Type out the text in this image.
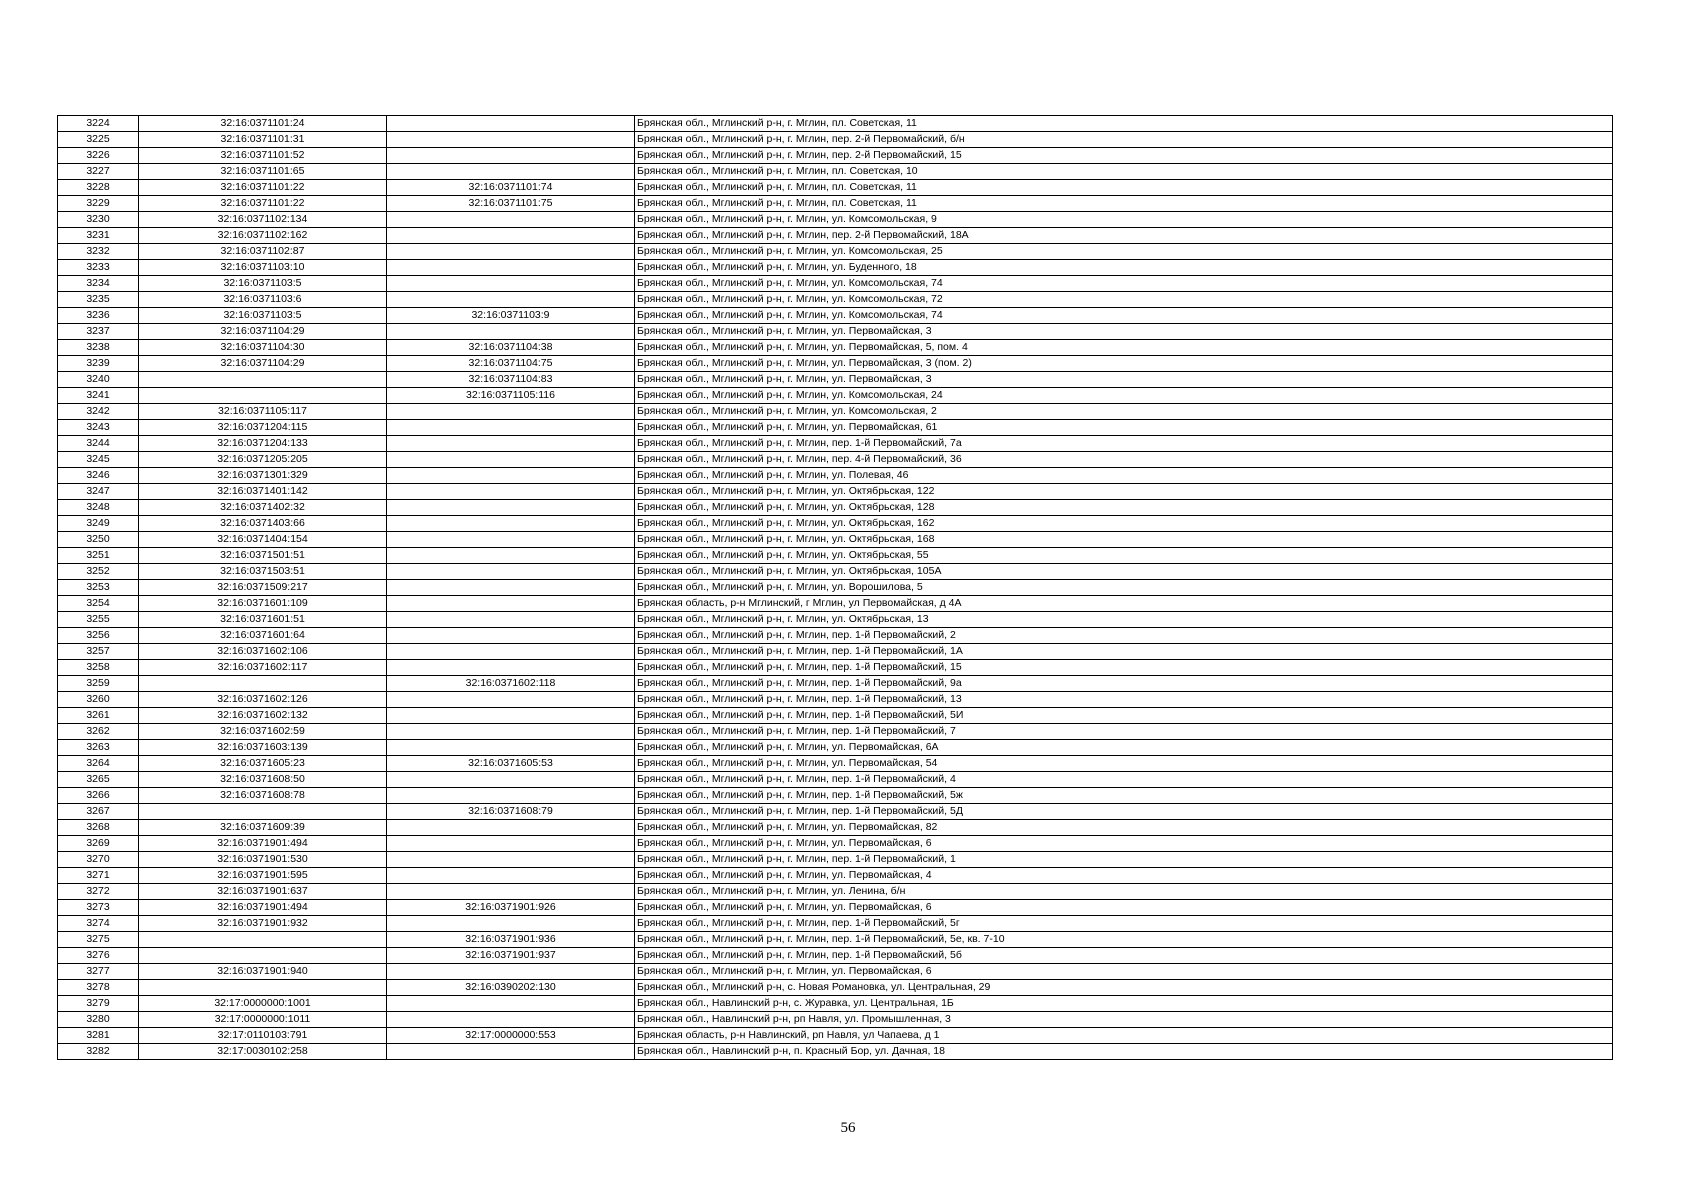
3224	32:16:0371101:24		Брянская обл., Мглинский р-н, г. Мглин, пл. Советская, 11
3225	32:16:0371101:31		Брянская обл., Мглинский р-н, г. Мглин, пер. 2-й Первомайский, б/н
3226	32:16:0371101:52		Брянская обл., Мглинский р-н, г. Мглин, пер. 2-й Первомайский, 15
3227	32:16:0371101:65		Брянская обл., Мглинский р-н, г. Мглин, пл. Советская, 10
3228	32:16:0371101:22	32:16:0371101:74	Брянская обл., Мглинский р-н, г. Мглин, пл. Советская, 11
3229	32:16:0371101:22	32:16:0371101:75	Брянская обл., Мглинский р-н, г. Мглин, пл. Советская, 11
3230	32:16:0371102:134		Брянская обл., Мглинский р-н, г. Мглин, ул. Комсомольская, 9
3231	32:16:0371102:162		Брянская обл., Мглинский р-н, г. Мглин, пер. 2-й Первомайский, 18А
3232	32:16:0371102:87		Брянская обл., Мглинский р-н, г. Мглин, ул. Комсомольская, 25
3233	32:16:0371103:10		Брянская обл., Мглинский р-н, г. Мглин, ул. Буденного, 18
3234	32:16:0371103:5		Брянская обл., Мглинский р-н, г. Мглин, ул. Комсомольская, 74
3235	32:16:0371103:6		Брянская обл., Мглинский р-н, г. Мглин, ул. Комсомольская, 72
3236	32:16:0371103:5	32:16:0371103:9	Брянская обл., Мглинский р-н, г. Мглин, ул. Комсомольская, 74
3237	32:16:0371104:29		Брянская обл., Мглинский р-н, г. Мглин, ул. Первомайская, 3
3238	32:16:0371104:30	32:16:0371104:38	Брянская обл., Мглинский р-н, г. Мглин, ул. Первомайская, 5, пом. 4
3239	32:16:0371104:29	32:16:0371104:75	Брянская обл., Мглинский р-н, г. Мглин, ул. Первомайская, 3 (пом. 2)
3240		32:16:0371104:83	Брянская обл., Мглинский р-н, г. Мглин, ул. Первомайская, 3
3241		32:16:0371105:116	Брянская обл., Мглинский р-н, г. Мглин, ул. Комсомольская, 24
3242	32:16:0371105:117		Брянская обл., Мглинский р-н, г. Мглин, ул. Комсомольская, 2
3243	32:16:0371204:115		Брянская обл., Мглинский р-н, г. Мглин, ул. Первомайская, 61
3244	32:16:0371204:133		Брянская обл., Мглинский р-н, г. Мглин, пер. 1-й Первомайский, 7а
3245	32:16:0371205:205		Брянская обл., Мглинский р-н, г. Мглин, пер. 4-й Первомайский, 36
3246	32:16:0371301:329		Брянская обл., Мглинский р-н, г. Мглин, ул. Полевая, 46
3247	32:16:0371401:142		Брянская обл., Мглинский р-н, г. Мглин, ул. Октябрьская, 122
3248	32:16:0371402:32		Брянская обл., Мглинский р-н, г. Мглин, ул. Октябрьская, 128
3249	32:16:0371403:66		Брянская обл., Мглинский р-н, г. Мглин, ул. Октябрьская, 162
3250	32:16:0371404:154		Брянская обл., Мглинский р-н, г. Мглин, ул. Октябрьская, 168
3251	32:16:0371501:51		Брянская обл., Мглинский р-н, г. Мглин, ул. Октябрьская, 55
3252	32:16:0371503:51		Брянская обл., Мглинский р-н, г. Мглин, ул. Октябрьская, 105А
3253	32:16:0371509:217		Брянская обл., Мглинский р-н, г. Мглин, ул. Ворошилова, 5
3254	32:16:0371601:109		Брянская область, р-н Мглинский, г Мглин, ул Первомайская, д 4А
3255	32:16:0371601:51		Брянская обл., Мглинский р-н, г. Мглин, ул. Октябрьская, 13
3256	32:16:0371601:64		Брянская обл., Мглинский р-н, г. Мглин, пер. 1-й Первомайский, 2
3257	32:16:0371602:106		Брянская обл., Мглинский р-н, г. Мглин, пер. 1-й Первомайский, 1А
3258	32:16:0371602:117		Брянская обл., Мглинский р-н, г. Мглин, пер. 1-й Первомайский, 15
3259		32:16:0371602:118	Брянская обл., Мглинский р-н, г. Мглин, пер. 1-й Первомайский, 9а
3260	32:16:0371602:126		Брянская обл., Мглинский р-н, г. Мглин, пер. 1-й Первомайский, 13
3261	32:16:0371602:132		Брянская обл., Мглинский р-н, г. Мглин, пер. 1-й Первомайский, 5И
3262	32:16:0371602:59		Брянская обл., Мглинский р-н, г. Мглин, пер. 1-й Первомайский, 7
3263	32:16:0371603:139		Брянская обл., Мглинский р-н, г. Мглин, ул. Первомайская, 6А
3264	32:16:0371605:23	32:16:0371605:53	Брянская обл., Мглинский р-н, г. Мглин, ул. Первомайская, 54
3265	32:16:0371608:50		Брянская обл., Мглинский р-н, г. Мглин, пер. 1-й Первомайский, 4
3266	32:16:0371608:78		Брянская обл., Мглинский р-н, г. Мглин, пер. 1-й Первомайский, 5ж
3267		32:16:0371608:79	Брянская обл., Мглинский р-н, г. Мглин, пер. 1-й Первомайский, 5Д
3268	32:16:0371609:39		Брянская обл., Мглинский р-н, г. Мглин, ул. Первомайская, 82
3269	32:16:0371901:494		Брянская обл., Мглинский р-н, г. Мглин, ул. Первомайская, 6
3270	32:16:0371901:530		Брянская обл., Мглинский р-н, г. Мглин, пер. 1-й Первомайский, 1
3271	32:16:0371901:595		Брянская обл., Мглинский р-н, г. Мглин, ул. Первомайская, 4
3272	32:16:0371901:637		Брянская обл., Мглинский р-н, г. Мглин, ул. Ленина, б/н
3273	32:16:0371901:494	32:16:0371901:926	Брянская обл., Мглинский р-н, г. Мглин, ул. Первомайская, 6
3274	32:16:0371901:932		Брянская обл., Мглинский р-н, г. Мглин, пер. 1-й Первомайский, 5г
3275		32:16:0371901:936	Брянская обл., Мглинский р-н, г. Мглин, пер. 1-й Первомайский, 5е, кв. 7-10
3276		32:16:0371901:937	Брянская обл., Мглинский р-н, г. Мглин, пер. 1-й Первомайский, 5б
3277	32:16:0371901:940		Брянская обл., Мглинский р-н, г. Мглин, ул. Первомайская, 6
3278		32:16:0390202:130	Брянская обл., Мглинский р-н, с. Новая Романовка, ул. Центральная, 29
3279	32:17:0000000:1001		Брянская обл., Навлинский р-н, с. Журавка, ул. Центральная, 1Б
3280	32:17:0000000:1011		Брянская обл., Навлинский р-н, рп Навля, ул. Промышленная, 3
3281	32:17:0110103:791	32:17:0000000:553	Брянская область, р-н Навлинский, рп Навля, ул Чапаева, д 1
3282	32:17:0030102:258		Брянская обл., Навлинский р-н, п. Красный Бор, ул. Дачная, 18
56
